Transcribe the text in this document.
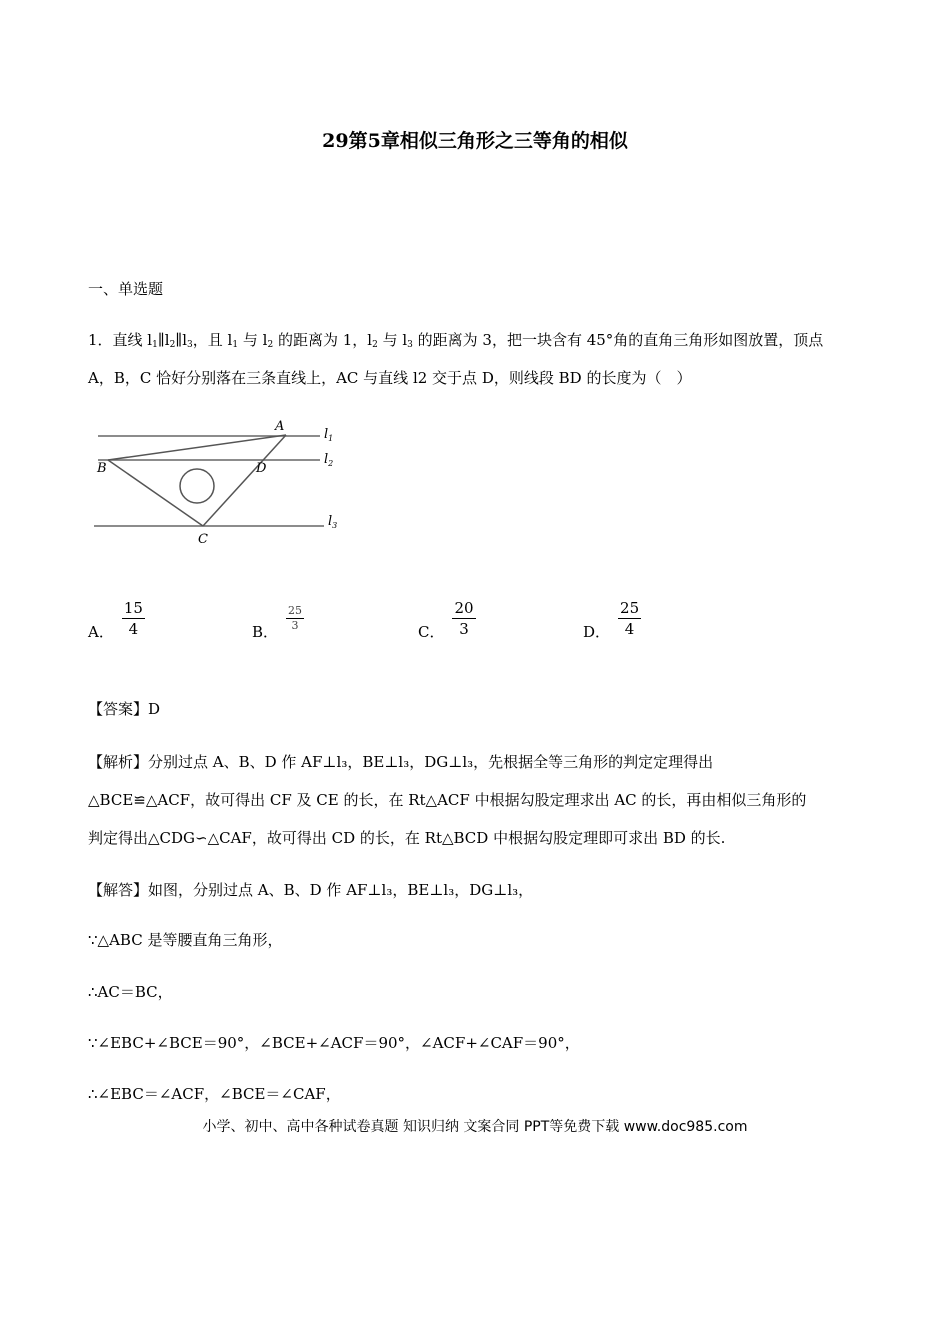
29第5章相似三角形之三等角的相似
一、单选题
1．直线 $l_1\parallel l_2\parallel l_3$，且 $l_1$ 与 $l_2$ 的距离为 1，$l_2$ 与 $l_3$ 的距离为 3，把一块含有 45°角的直角三角形如图放置，顶点
A，B，C 恰好分别落在三条直线上，AC 与直线 l2 交于点 D，则线段 BD 的长度为（　）
A
B
C
D
$l_1$
$l_2$
$l_3$
A． $\frac{15}{4}$	B． $\frac{25}{3}$	C． $\frac{20}{3}$	D． $\frac{25}{4}$
【答案】D
【解析】分别过点 A、B、D 作 AF⊥l₃，BE⊥l₃，DG⊥l₃，先根据全等三角形的判定定理得出
△BCE≌△ACF，故可得出 CF 及 CE 的长，在 Rt△ACF 中根据勾股定理求出 AC 的长，再由相似三角形的
判定得出△CDG∽△CAF，故可得出 CD 的长，在 Rt△BCD 中根据勾股定理即可求出 BD 的长.
【解答】如图，分别过点 A、B、D 作 AF⊥l₃，BE⊥l₃，DG⊥l₃，
∵△ABC 是等腰直角三角形，
∴AC＝BC，
∵∠EBC+∠BCE＝90°，∠BCE+∠ACF＝90°，∠ACF+∠CAF＝90°，
∴∠EBC＝∠ACF，∠BCE＝∠CAF，
小学、初中、高中各种试卷真题 知识归纳 文案合同 PPT等免费下载 www.doc985.com
